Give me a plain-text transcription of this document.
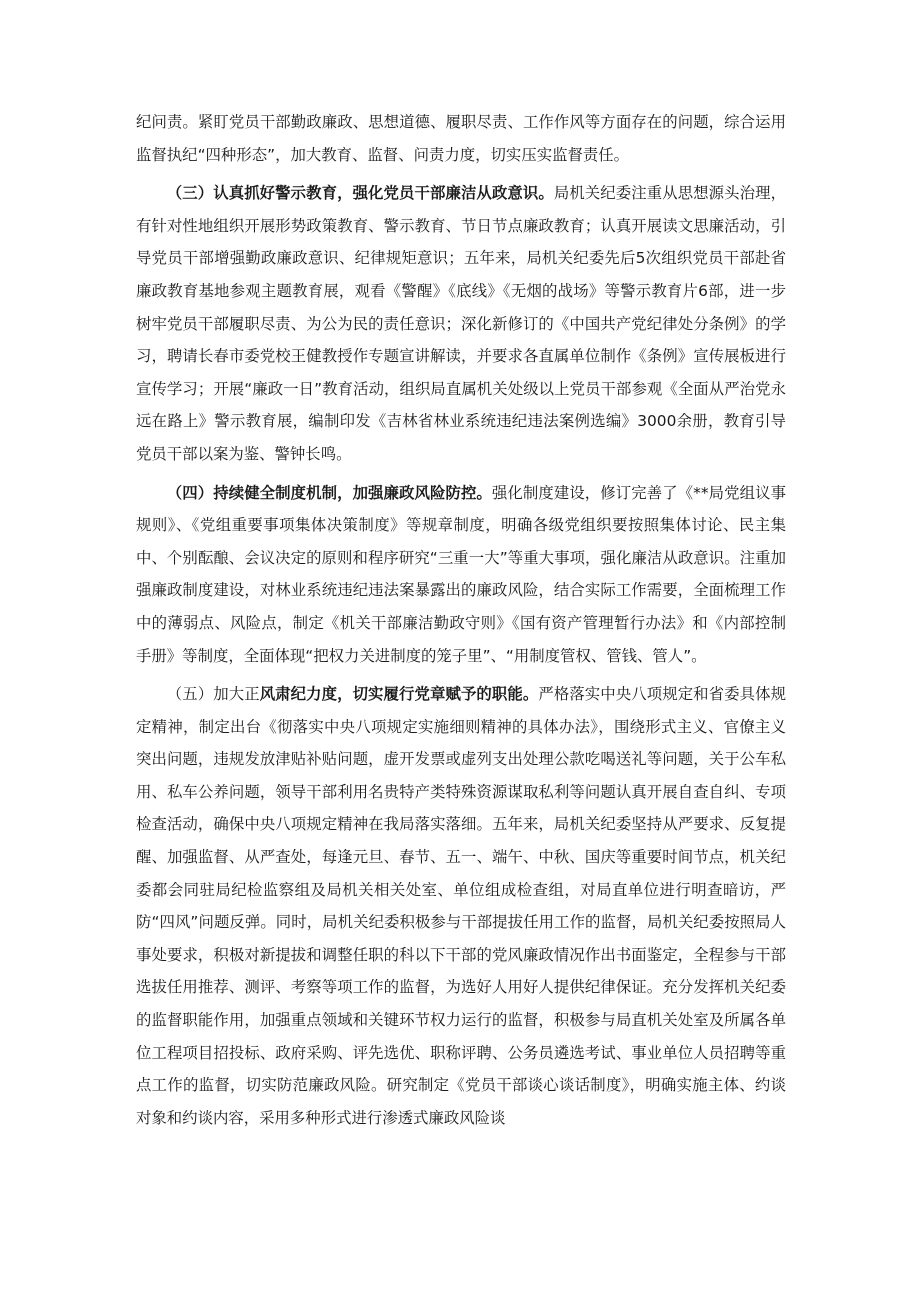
纪问责。紧盯党员干部勤政廉政、思想道德、履职尽责、工作作风等方面存在的问题，综合运用监督执纪“四种形态”，加大教育、监督、问责力度，切实压实监督责任。

（三）认真抓好警示教育，强化党员干部廉洁从政意识。局机关纪委注重从思想源头治理，有针对性地组织开展形势政策教育、警示教育、节日节点廉政教育；认真开展读文思廉活动，引导党员干部增强勤政廉政意识、纪律规矩意识；五年来，局机关纪委先后5次组织党员干部赴省廉政教育基地参观主题教育展，观看《警醒》《底线》《无烟的战场》等警示教育片6部，进一步树牢党员干部履职尽责、为公为民的责任意识；深化新修订的《中国共产党纪律处分条例》的学习，聘请长春市委党校王健教授作专题宣讲解读，并要求各直属单位制作《条例》宣传展板进行宣传学习；开展“廉政一日”教育活动，组织局直属机关处级以上党员干部参观《全面从严治党永远在路上》警示教育展，编制印发《吉林省林业系统违纪违法案例选编》3000余册，教育引导党员干部以案为鉴、警钟长鸣。

（四）持续健全制度机制，加强廉政风险防控。强化制度建设，修订完善了《**局党组议事规则》、《党组重要事项集体决策制度》等规章制度，明确各级党组织要按照集体讨论、民主集中、个别酝酿、会议决定的原则和程序研究“三重一大”等重大事项，强化廉洁从政意识。注重加强廉政制度建设，对林业系统违纪违法案暴露出的廉政风险，结合实际工作需要，全面梳理工作中的薄弱点、风险点，制定《机关干部廉洁勤政守则》《国有资产管理暂行办法》和《内部控制手册》等制度，全面体现“把权力关进制度的笼子里”、“用制度管权、管钱、管人”。

（五）加大正风肃纪力度，切实履行党章赋予的职能。严格落实中央八项规定和省委具体规定精神，制定出台《彻落实中央八项规定实施细则精神的具体办法》，围绕形式主义、官僚主义突出问题，违规发放津贴补贴问题，虚开发票或虚列支出处理公款吃喝送礼等问题，关于公车私用、私车公养问题，领导干部利用名贵特产类特殊资源谋取私利等问题认真开展自查自纠、专项检查活动，确保中央八项规定精神在我局落实落细。五年来，局机关纪委坚持从严要求、反复提醒、加强监督、从严查处，每逢元旦、春节、五一、端午、中秋、国庆等重要时间节点，机关纪委都会同驻局纪检监察组及局机关相关处室、单位组成检查组，对局直单位进行明查暗访，严防“四风”问题反弹。同时，局机关纪委积极参与干部提拔任用工作的监督，局机关纪委按照局人事处要求，积极对新提拔和调整任职的科以下干部的党风廉政情况作出书面鉴定，全程参与干部选拔任用推荐、测评、考察等项工作的监督，为选好人用好人提供纪律保证。充分发挥机关纪委的监督职能作用，加强重点领域和关键环节权力运行的监督，积极参与局直机关处室及所属各单位工程项目招投标、政府采购、评先选优、职称评聘、公务员遴选考试、事业单位人员招聘等重点工作的监督，切实防范廉政风险。研究制定《党员干部谈心谈话制度》，明确实施主体、约谈对象和约谈内容，采用多种形式进行渗透式廉政风险谈
